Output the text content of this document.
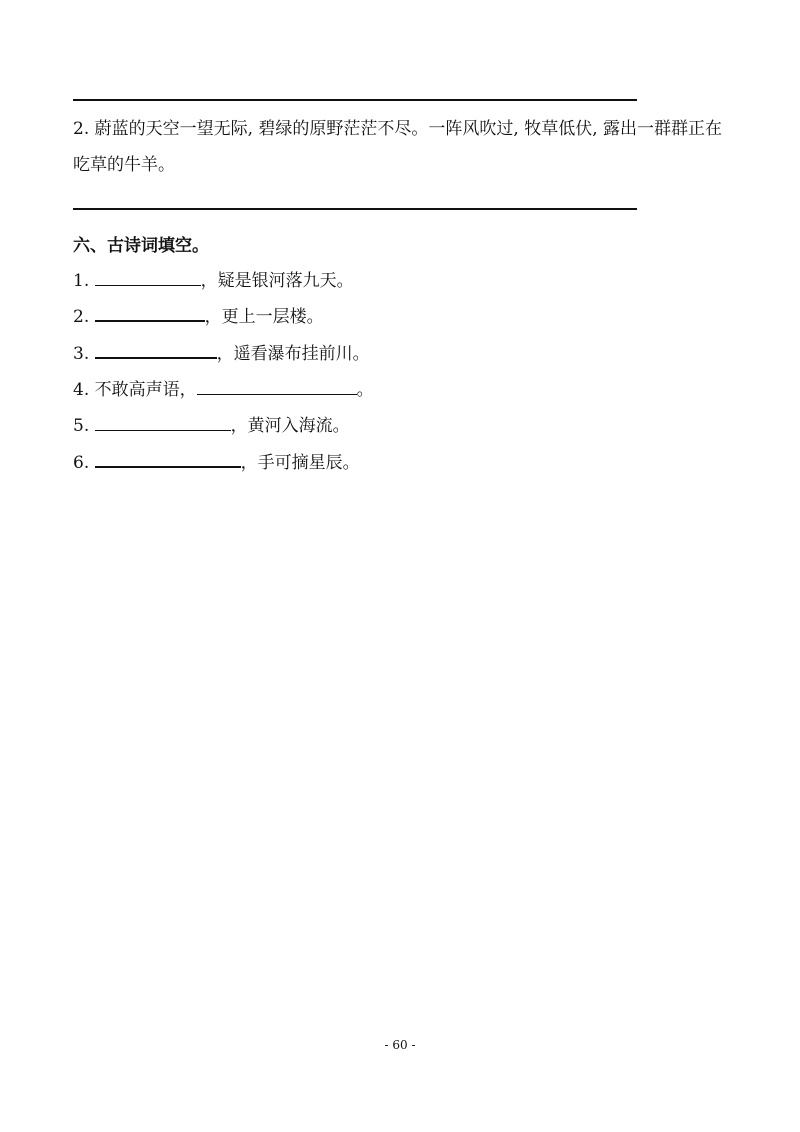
2. 蔚蓝的天空一望无际, 碧绿的原野茫茫不尽。一阵风吹过, 牧草低伏, 露出一群群正在吃草的牛羊。
六、古诗词填空。
1.	，疑是银河落九天。
2.	，更上一层楼。
3.	，遥看瀑布挂前川。
4. 不敢高声语，	。
5.	，黄河入海流。
6.	，手可摘星辰。
- 60 -
